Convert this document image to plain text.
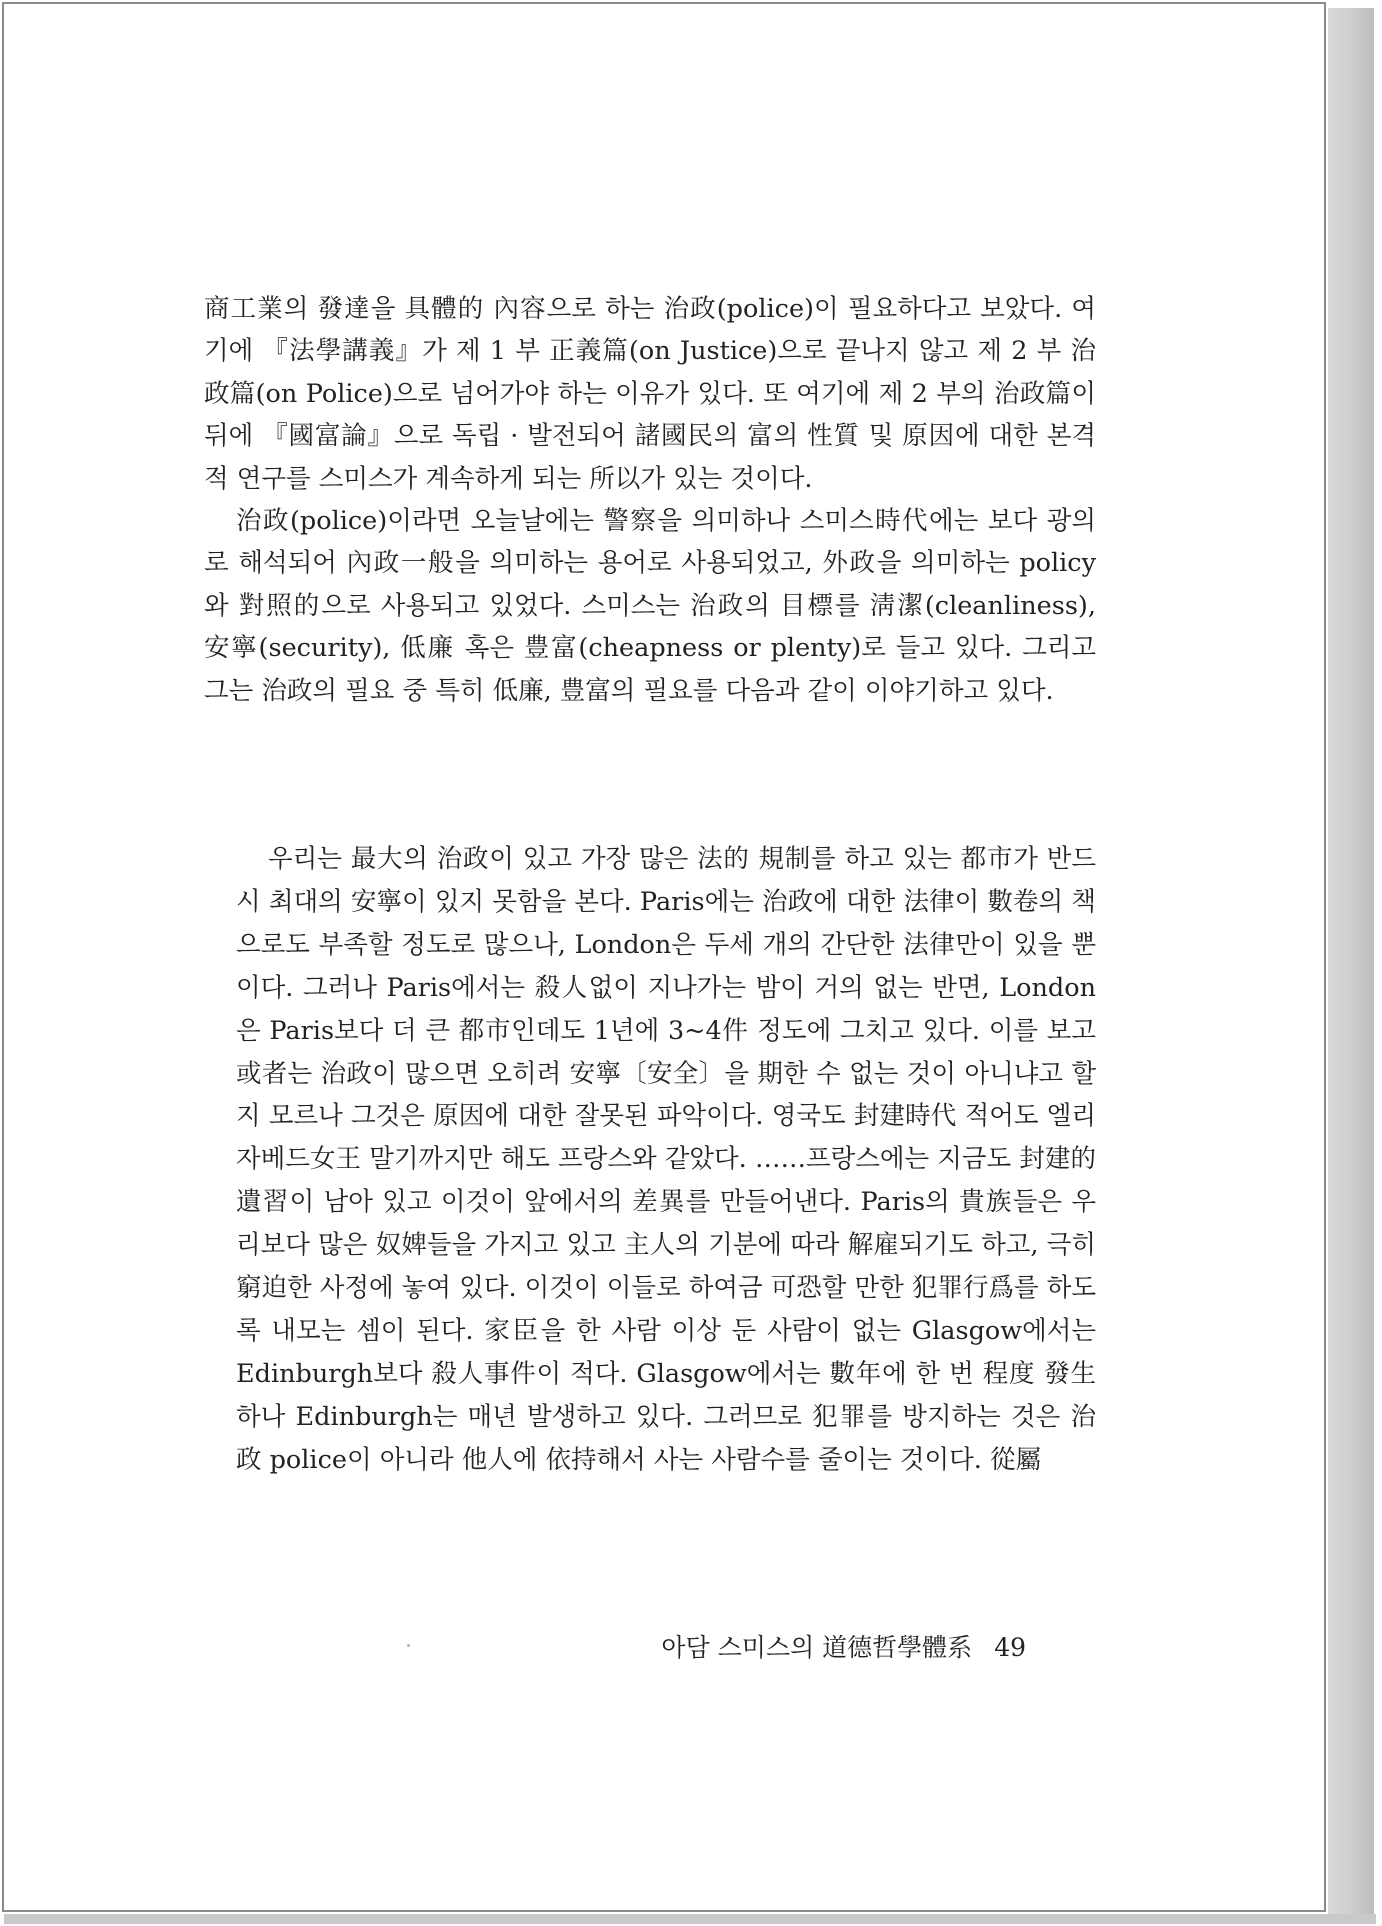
商工業의 發達을 具體的 內容으로 하는 治政(police)이 필요하다고 보았다. 여기에 『法學講義』가 제 1 부 正義篇(on Justice)으로 끝나지 않고 제 2 부 治政篇(on Police)으로 넘어가야 하는 이유가 있다. 또 여기에 제 2 부의 治政篇이 뒤에 『國富論』으로 독립 · 발전되어 諸國民의 富의 性質 및 原因에 대한 본격적 연구를 스미스가 계속하게 되는 所以가 있는 것이다.

治政(police)이라면 오늘날에는 警察을 의미하나 스미스時代에는 보다 광의로 해석되어 內政一般을 의미하는 용어로 사용되었고, 外政을 의미하는 policy와 對照的으로 사용되고 있었다. 스미스는 治政의 目標를 淸潔(cleanliness), 安寧(security), 低廉 혹은 豊富(cheapness or plenty)로 들고 있다. 그리고 그는 治政의 필요 중 특히 低廉, 豊富의 필요를 다음과 같이 이야기하고 있다.

우리는 最大의 治政이 있고 가장 많은 法的 規制를 하고 있는 都市가 반드시 최대의 安寧이 있지 못함을 본다. Paris에는 治政에 대한 法律이 數卷의 책으로도 부족할 정도로 많으나, London은 두세 개의 간단한 法律만이 있을 뿐이다. 그러나 Paris에서는 殺人없이 지나가는 밤이 거의 없는 반면, London은 Paris보다 더 큰 都市인데도 1년에 3~4件 정도에 그치고 있다. 이를 보고 或者는 治政이 많으면 오히려 安寧〔安全〕을 期한 수 없는 것이 아니냐고 할지 모르나 그것은 原因에 대한 잘못된 파악이다. 영국도 封建時代 적어도 엘리자베드女王 말기까지만 해도 프랑스와 같았다. ……프랑스에는 지금도 封建的 遺習이 남아 있고 이것이 앞에서의 差異를 만들어낸다. Paris의 貴族들은 우리보다 많은 奴婢들을 가지고 있고 主人의 기분에 따라 解雇되기도 하고, 극히 窮迫한 사정에 놓여 있다. 이것이 이들로 하여금 可恐할 만한 犯罪行爲를 하도록 내모는 셈이 된다. 家臣을 한 사람 이상 둔 사람이 없는 Glasgow에서는 Edinburgh보다 殺人事件이 적다. Glasgow에서는 數年에 한 번 程度 發生하나 Edinburgh는 매년 발생하고 있다. 그러므로 犯罪를 방지하는 것은 治政 police이 아니라 他人에 依持해서 사는 사람수를 줄이는 것이다. 從屬

아담 스미스의 道德哲學體系 49
